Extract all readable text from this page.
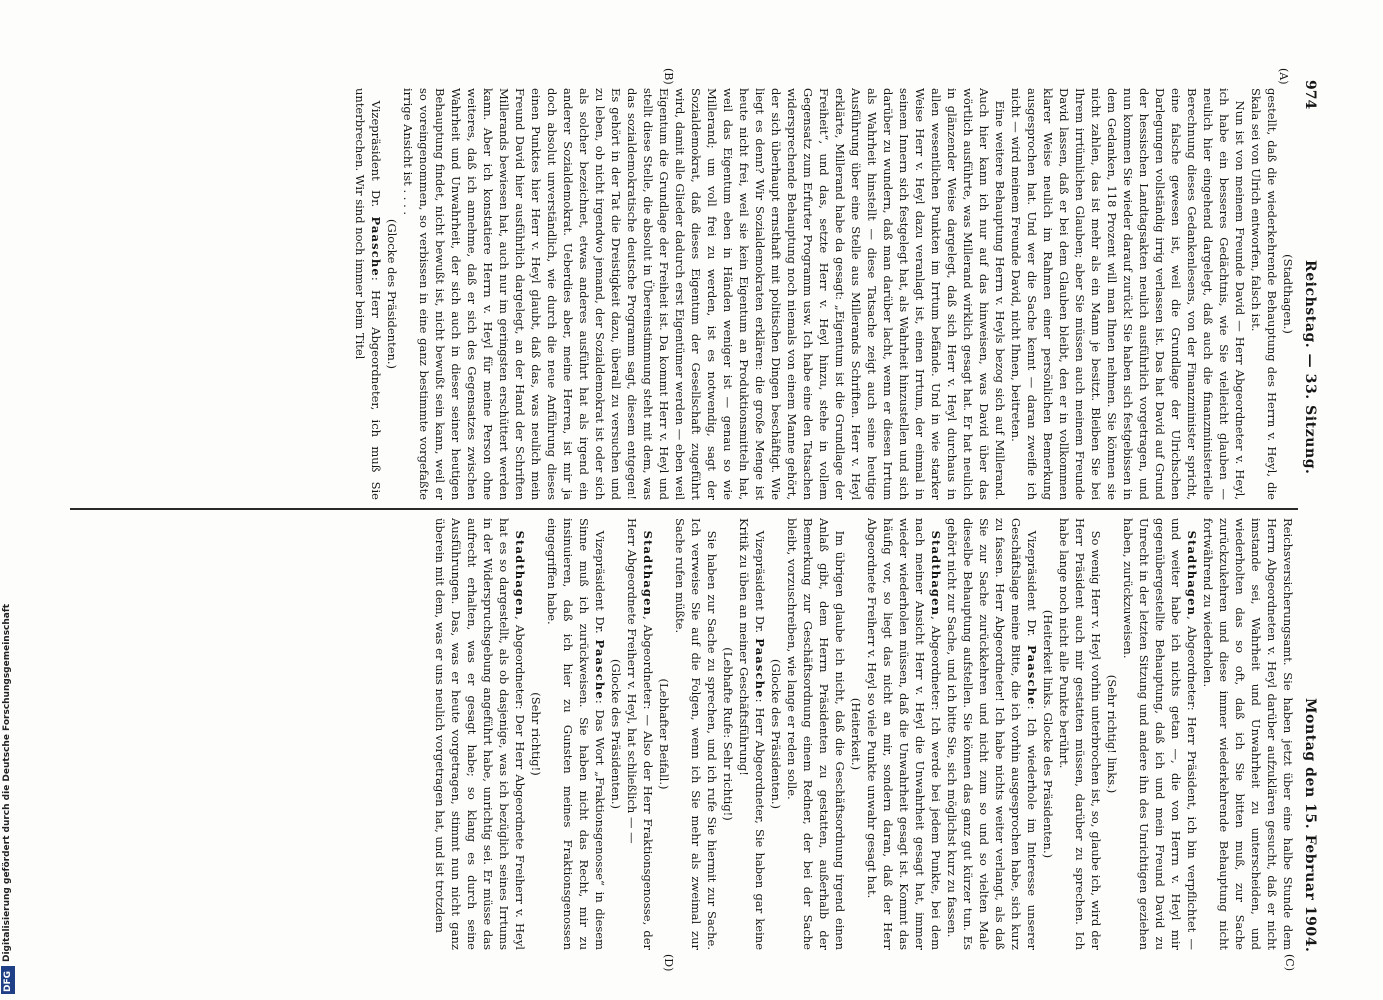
974
Reichstag. — 33. Sitzung.
Montag den 15. Februar 1904.
(A)
(B)
(C)
(D)

(Stadthagen.)

gestellt, daß die wiederkehrende Behauptung des Herrn v. Heyl, die Skala sei von Ulrich entworfen, falsch ist.

Nun ist von meinem Freunde David — Herr Abgeordneter v. Heyl, ich habe ein besseres Gedächtnis, wie Sie vielleicht glauben — neulich hier eingehend dargelegt, daß auch die finanzministerielle Berechnung dieses Gedankenlesens, von der Finanzminister spricht, eine falsche gewesen ist, weil die Grundlage der Ulrichschen Darlegungen vollständig irrig verlassen ist. Das hat David auf Grund der hessischen Landtagsakten neulich ausführlich vorgetragen, und nun kommen Sie wieder darauf zurück! Sie haben sich festgebissen in dem Gedanken, 118 Prozent will man Ihnen nehmen. Sie können sie nicht zahlen, das ist mehr als ein Mann je besitzt. Bleiben Sie bei Ihrem irrtümlichen Glauben; aber Sie müssen auch meinem Freunde David lassen, daß er bei dem Glauben bleibt, den er in vollkommen klarer Weise neulich im Rahmen einer persönlichen Bemerkung ausgesprochen hat. Und wer die Sache kennt — daran zweifle ich nicht — wird meinem Freunde David, nicht Ihnen, beitreten.

Eine weitere Behauptung Herrn v. Heyls bezog sich auf Millerand. Auch hier kann ich nur auf das hinweisen, was David über das wörtlich ausführte, was Millerand wirklich gesagt hat. Er hat neulich in glänzender Weise dargelegt, daß sich Herr v. Heyl durchaus in allen wesentlichen Punkten im Irrtum befände. Und in wie starker Weise Herr v. Heyl dazu veranlagt ist, einen Irrtum, der einmal in seinem Innern sich festgelegt hat, als Wahrheit hinzustellen und sich darüber zu wundern, daß man darüber lacht, wenn er diesen Irrtum als Wahrheit hinstellt — diese Tatsache zeigt auch seine heutige Ausführung über eine Stelle aus Millerands Schriften. Herr v. Heyl erklärte, Millerand habe da gesagt: „Eigentum ist die Grundlage der Freiheit“, und das, setzte Herr v. Heyl hinzu, stehe in vollem Gegensatz zum Erfurter Programm usw. Ich habe eine den Tatsachen widersprechende Behauptung noch niemals von einem Manne gehört, der sich überhaupt ernsthaft mit politischen Dingen beschäftigt. Wie liegt es denn? Wir Sozialdemokraten erklären: die große Menge ist heute nicht frei, weil sie kein Eigentum an Produktionsmitteln hat, weil das Eigentum eben in Händen weniger ist — genau so wie Millerand; um voll frei zu werden, ist es notwendig, sagt der Sozialdemokrat, daß dieses Eigentum der Gesellschaft zugeführt wird, damit alle Glieder dadurch erst Eigentümer werden — eben weil Eigentum die Grundlage der Freiheit ist. Da kommt Herr v. Heyl und stellt diese Stelle, die absolut in Übereinstimmung steht mit dem, was das sozialdemokratische deutsche Programm sagt, diesem entgegen! Es gehört in der Tat die Dreistigkeit dazu, überall zu versuchen und zu leben, ob nicht irgendwo jemand, der Sozialdemokrat ist oder sich als solcher bezeichnet, etwas anderes ausführt hat als irgend ein anderer Sozialdemokrat. Ueberdies aber, meine Herren, ist mir ja doch absolut unverständlich, wie durch die neue Anführung dieses einen Punktes hier Herr v. Heyl glaubt, daß das, was neulich mein Freund David hier ausführlich dargelegt, an der Hand der Schriften Millerands bewiesen hat, auch nur im geringsten erschüttert werden kann. Aber ich konstatiere Herrn v. Heyl für meine Person ohne weiteres, daß ich annehme, daß er sich des Gegensatzes zwischen Wahrheit und Unwahrheit, der sich auch in dieser seiner heutigen Behauptung findet, nicht bewußt ist, nicht bewußt sein kann, weil er so voreingenommen, so verbissen in eine ganz bestimmte vorgefaßte irrige Ansicht ist . . . .

(Glocke des Präsidenten.)

Vizepräsident Dr. Paasche: Herr Abgeordneter, ich muß Sie unterbrechen. Wir sind noch immer beim Titel

Reichsversicherungsamt. Sie haben jetzt über eine halbe Stunde dem Herrn Abgeordneten v. Heyl darüber aufzuklären gesucht, daß er nicht imstande sei, Wahrheit und Unwahrheit zu unterscheiden, und wiederholten das so oft, daß ich Sie bitten muß, zur Sache zurückzukehren und diese immer wiederkehrende Behauptung nicht fortwährend zu wiederholen.

Stadthagen, Abgeordneter: Herr Präsident, ich bin verpflichtet — und weiter habe ich nichts getan —, die von Herrn v. Heyl mir gegenübergestellte Behauptung, daß ich und mein Freund David zu Unrecht in der letzten Sitzung und andere ihn des Unrichtigen geziehen haben, zurückzuweisen.

(Sehr richtig! links.)

So wenig Herr v. Heyl vorhin unterbrochen ist, so, glaube ich, wird der Herr Präsident auch mir gestatten müssen, darüber zu sprechen. Ich habe lange noch nicht alle Punkte berührt.

(Heiterkeit links. Glocke des Präsidenten.)

Vizepräsident Dr. Paasche: Ich wiederhole im Interesse unserer Geschäftslage meine Bitte, die ich vorhin ausgesprochen habe, sich kurz zu fassen. Herr Abgeordneter! Ich habe nichts weiter verlangt, als daß Sie zur Sache zurückkehren und nicht zum so und so vielten Male dieselbe Behauptung aufstellen. Sie können das ganz gut kürzer tun. Es gehört nicht zur Sache, und ich bitte Sie, sich möglichst kurz zu fassen.

Stadthagen, Abgeordneter: Ich werde bei jedem Punkte, bei dem nach meiner Ansicht Herr v. Heyl die Unwahrheit gesagt hat, immer wieder wiederholen müssen, daß die Unwahrheit gesagt ist. Kommt das häufig vor, so liegt das nicht an mir, sondern daran, daß der Herr Abgeordnete Freiherr v. Heyl so viele Punkte unwahr gesagt hat.

(Heiterkeit.)

Im übrigen glaube ich nicht, daß die Geschäftsordnung irgend einen Anlaß gibt, dem Herrn Präsidenten zu gestatten, außerhalb der Bemerkung zur Geschäftsordnung einem Redner, der bei der Sache bleibt, vorzuschreiben, wie lange er reden solle.

(Glocke des Präsidenten.)

Vizepräsident Dr. Paasche: Herr Abgeordneter, Sie haben gar keine Kritik zu üben an meiner Geschäftsführung!

(Lebhafte Rufe: Sehr richtig!)

Sie haben zur Sache zu sprechen, und ich rufe Sie hiermit zur Sache. Ich verweise Sie auf die Folgen, wenn ich Sie mehr als zweimal zur Sache rufen müßte.

(Lebhafter Beifall.)

Stadthagen, Abgeordneter: — Also der Herr Fraktionsgenosse, der Herr Abgeordnete Freiherr v. Heyl, hat schließlich — —

(Glocke des Präsidenten.)

Vizepräsident Dr. Paasche: Das Wort „Fraktionsgenosse“ in diesem Sinne muß ich zurückweisen. Sie haben nicht das Recht, mir zu insinuieren, daß ich hier zu Gunsten meines Fraktionsgenossen eingegriffen habe.

(Sehr richtig!)

Stadthagen, Abgeordneter: Der Herr Abgeordnete Freiherr v. Heyl hat es so dargestellt, als ob dasjenige, was ich bezüglich seines Irrtums in der Widerspruchsgebung angeführt habe, unrichtig sei. Er müsse das aufrecht erhalten, was er gesagt habe; so klang es durch seine Ausführungen. Das, was er heute vorgetragen, stimmt nun nicht ganz überein mit dem, was er uns neulich vorgetragen hat, und ist trotzdem

Digitalisierung gefördert durch die Deutsche Forschungsgemeinschaft
DFG
